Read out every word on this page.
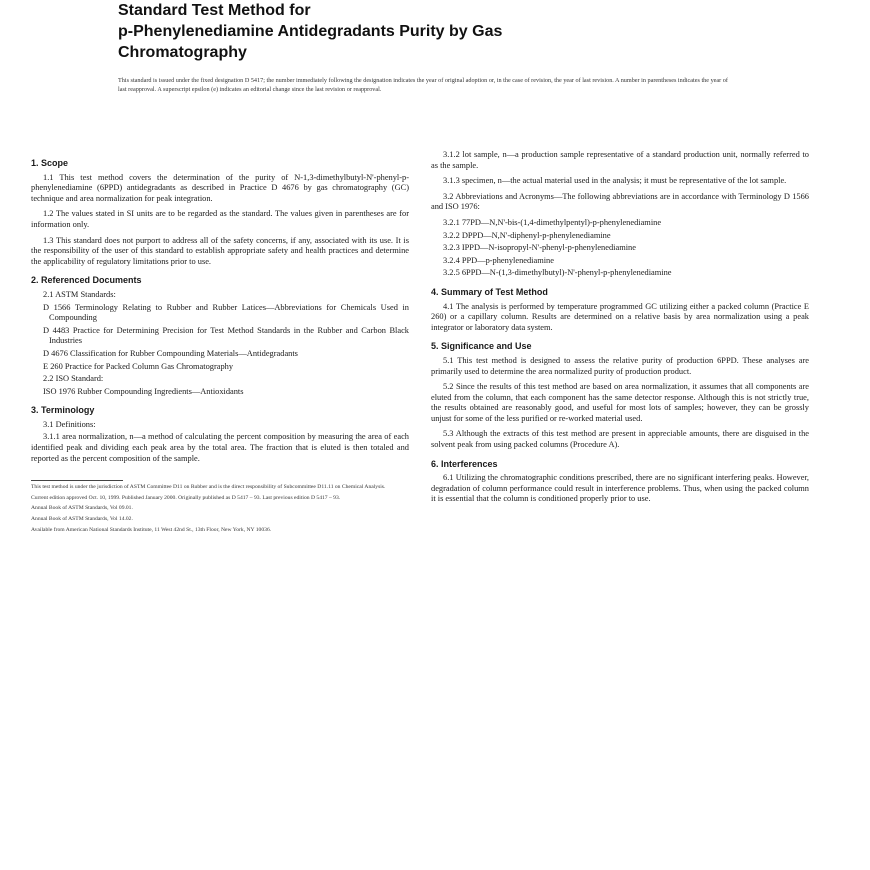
Standard Test Method for
p-Phenylenediamine Antidegradants Purity by Gas
Chromatography
This standard is issued under the fixed designation D 5417; the number immediately following the designation indicates the year of original adoption or, in the case of revision, the year of last revision. A number in parentheses indicates the year of last reapproval. A superscript epsilon (e) indicates an editorial change since the last revision or reapproval.
1. Scope
1.1 This test method covers the determination of the purity of N-1,3-dimethylbutyl-N'-phenyl-p-phenylenediamine (6PPD) antidegradants as described in Practice D 4676 by gas chromatography (GC) technique and area normalization for peak integration.
1.2 The values stated in SI units are to be regarded as the standard. The values given in parentheses are for information only.
1.3 This standard does not purport to address all of the safety concerns, if any, associated with its use. It is the responsibility of the user of this standard to establish appropriate safety and health practices and determine the applicability of regulatory limitations prior to use.
2. Referenced Documents
2.1 ASTM Standards:
D 1566 Terminology Relating to Rubber and Rubber Latices—Abbreviations for Chemicals Used in Compounding
D 4483 Practice for Determining Precision for Test Method Standards in the Rubber and Carbon Black Industries
D 4676 Classification for Rubber Compounding Materials—Antidegradants
E 260 Practice for Packed Column Gas Chromatography
2.2 ISO Standard:
ISO 1976 Rubber Compounding Ingredients—Antioxidants
3. Terminology
3.1 Definitions:
3.1.1 area normalization, n—a method of calculating the percent composition by measuring the area of each identified peak and dividing each peak area by the total area. The fraction that is eluted is then totaled and reported as the percent composition of the sample.
This test method is under the jurisdiction of ASTM Committee D11 on Rubber and is the direct responsibility of Subcommittee D11.11 on Chemical Analysis.
Current edition approved Oct. 10, 1999. Published January 2000. Originally published as D 5417 – 93. Last previous edition D 5417 – 93.
Annual Book of ASTM Standards, Vol 09.01.
Annual Book of ASTM Standards, Vol 14.02.
Available from American National Standards Institute, 11 West 42nd St., 13th Floor, New York, NY 10036.
3.1.2 lot sample, n—a production sample representative of a standard production unit, normally referred to as the sample.
3.1.3 specimen, n—the actual material used in the analysis; it must be representative of the lot sample.
3.2 Abbreviations and Acronyms—The following abbreviations are in accordance with Terminology D 1566 and ISO 1976:
3.2.1 77PD—N,N'-bis-(1,4-dimethylpentyl)-p-phenylenediamine
3.2.2 DPPD—N,N'-diphenyl-p-phenylenediamine
3.2.3 IPPD—N-isopropyl-N'-phenyl-p-phenylenediamine
3.2.4 PPD—p-phenylenediamine
3.2.5 6PPD—N-(1,3-dimethylbutyl)-N'-phenyl-p-phenylenediamine
4. Summary of Test Method
4.1 The analysis is performed by temperature programmed GC utilizing either a packed column (Practice E 260) or a capillary column. Results are determined on a relative basis by area normalization using a peak integrator or laboratory data system.
5. Significance and Use
5.1 This test method is designed to assess the relative purity of production 6PPD. These analyses are primarily used to determine the area normalized purity of production product.
5.2 Since the results of this test method are based on area normalization, it assumes that all components are eluted from the column, that each component has the same detector response. Although this is not strictly true, the results obtained are reasonably good, and useful for most lots of samples; however, they can be grossly unjust for some of the less purified or re-worked material used.
5.3 Although the extracts of this test method are present in appreciable amounts, there are disguised in the solvent peak from using packed columns (Procedure A).
6. Interferences
6.1 Utilizing the chromatographic conditions prescribed, there are no significant interfering peaks. However, degradation of column performance could result in interference problems. Thus, when using the packed column it is essential that the column is conditioned properly prior to use.
